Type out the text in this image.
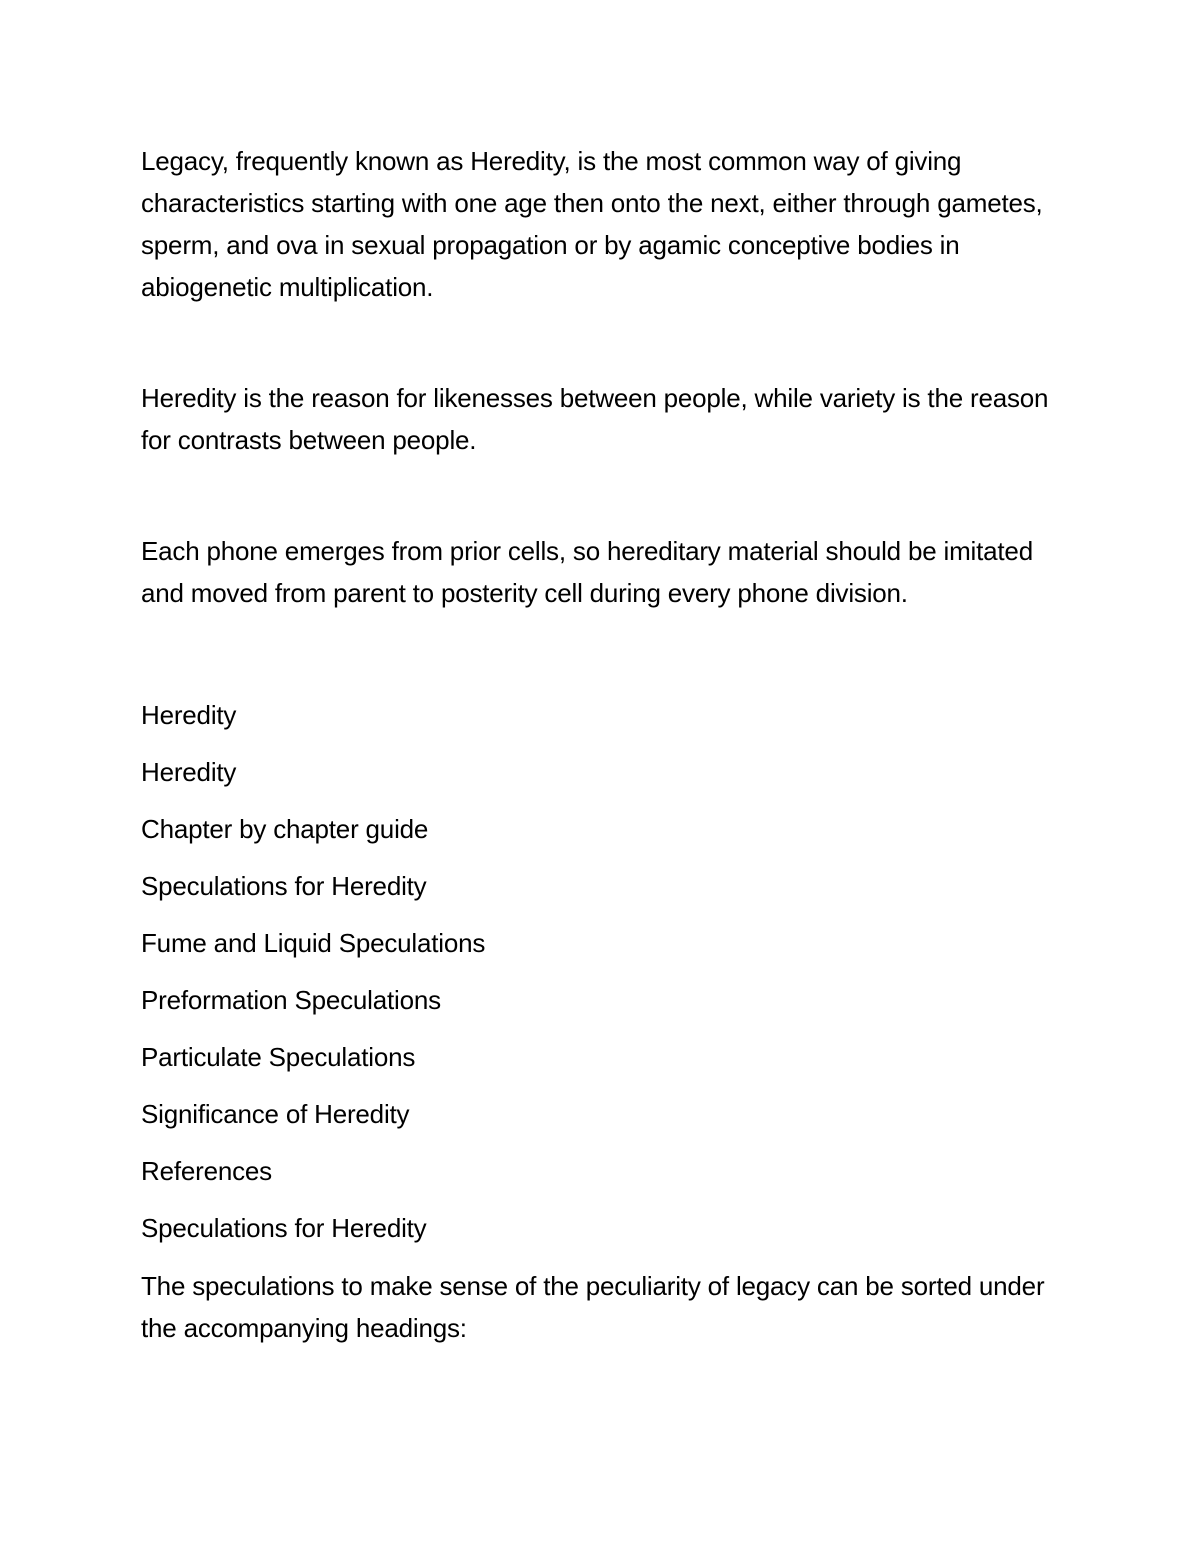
Legacy, frequently known as Heredity, is the most common way of giving characteristics starting with one age then onto the next, either through gametes, sperm, and ova in sexual propagation or by agamic conceptive bodies in abiogenetic multiplication.

Heredity is the reason for likenesses between people, while variety is the reason for contrasts between people.

Each phone emerges from prior cells, so hereditary material should be imitated and moved from parent to posterity cell during every phone division.

Heredity

Heredity

Chapter by chapter guide

Speculations for Heredity

Fume and Liquid Speculations

Preformation Speculations

Particulate Speculations

Significance of Heredity

References

Speculations for Heredity

The speculations to make sense of the peculiarity of legacy can be sorted under the accompanying headings:
